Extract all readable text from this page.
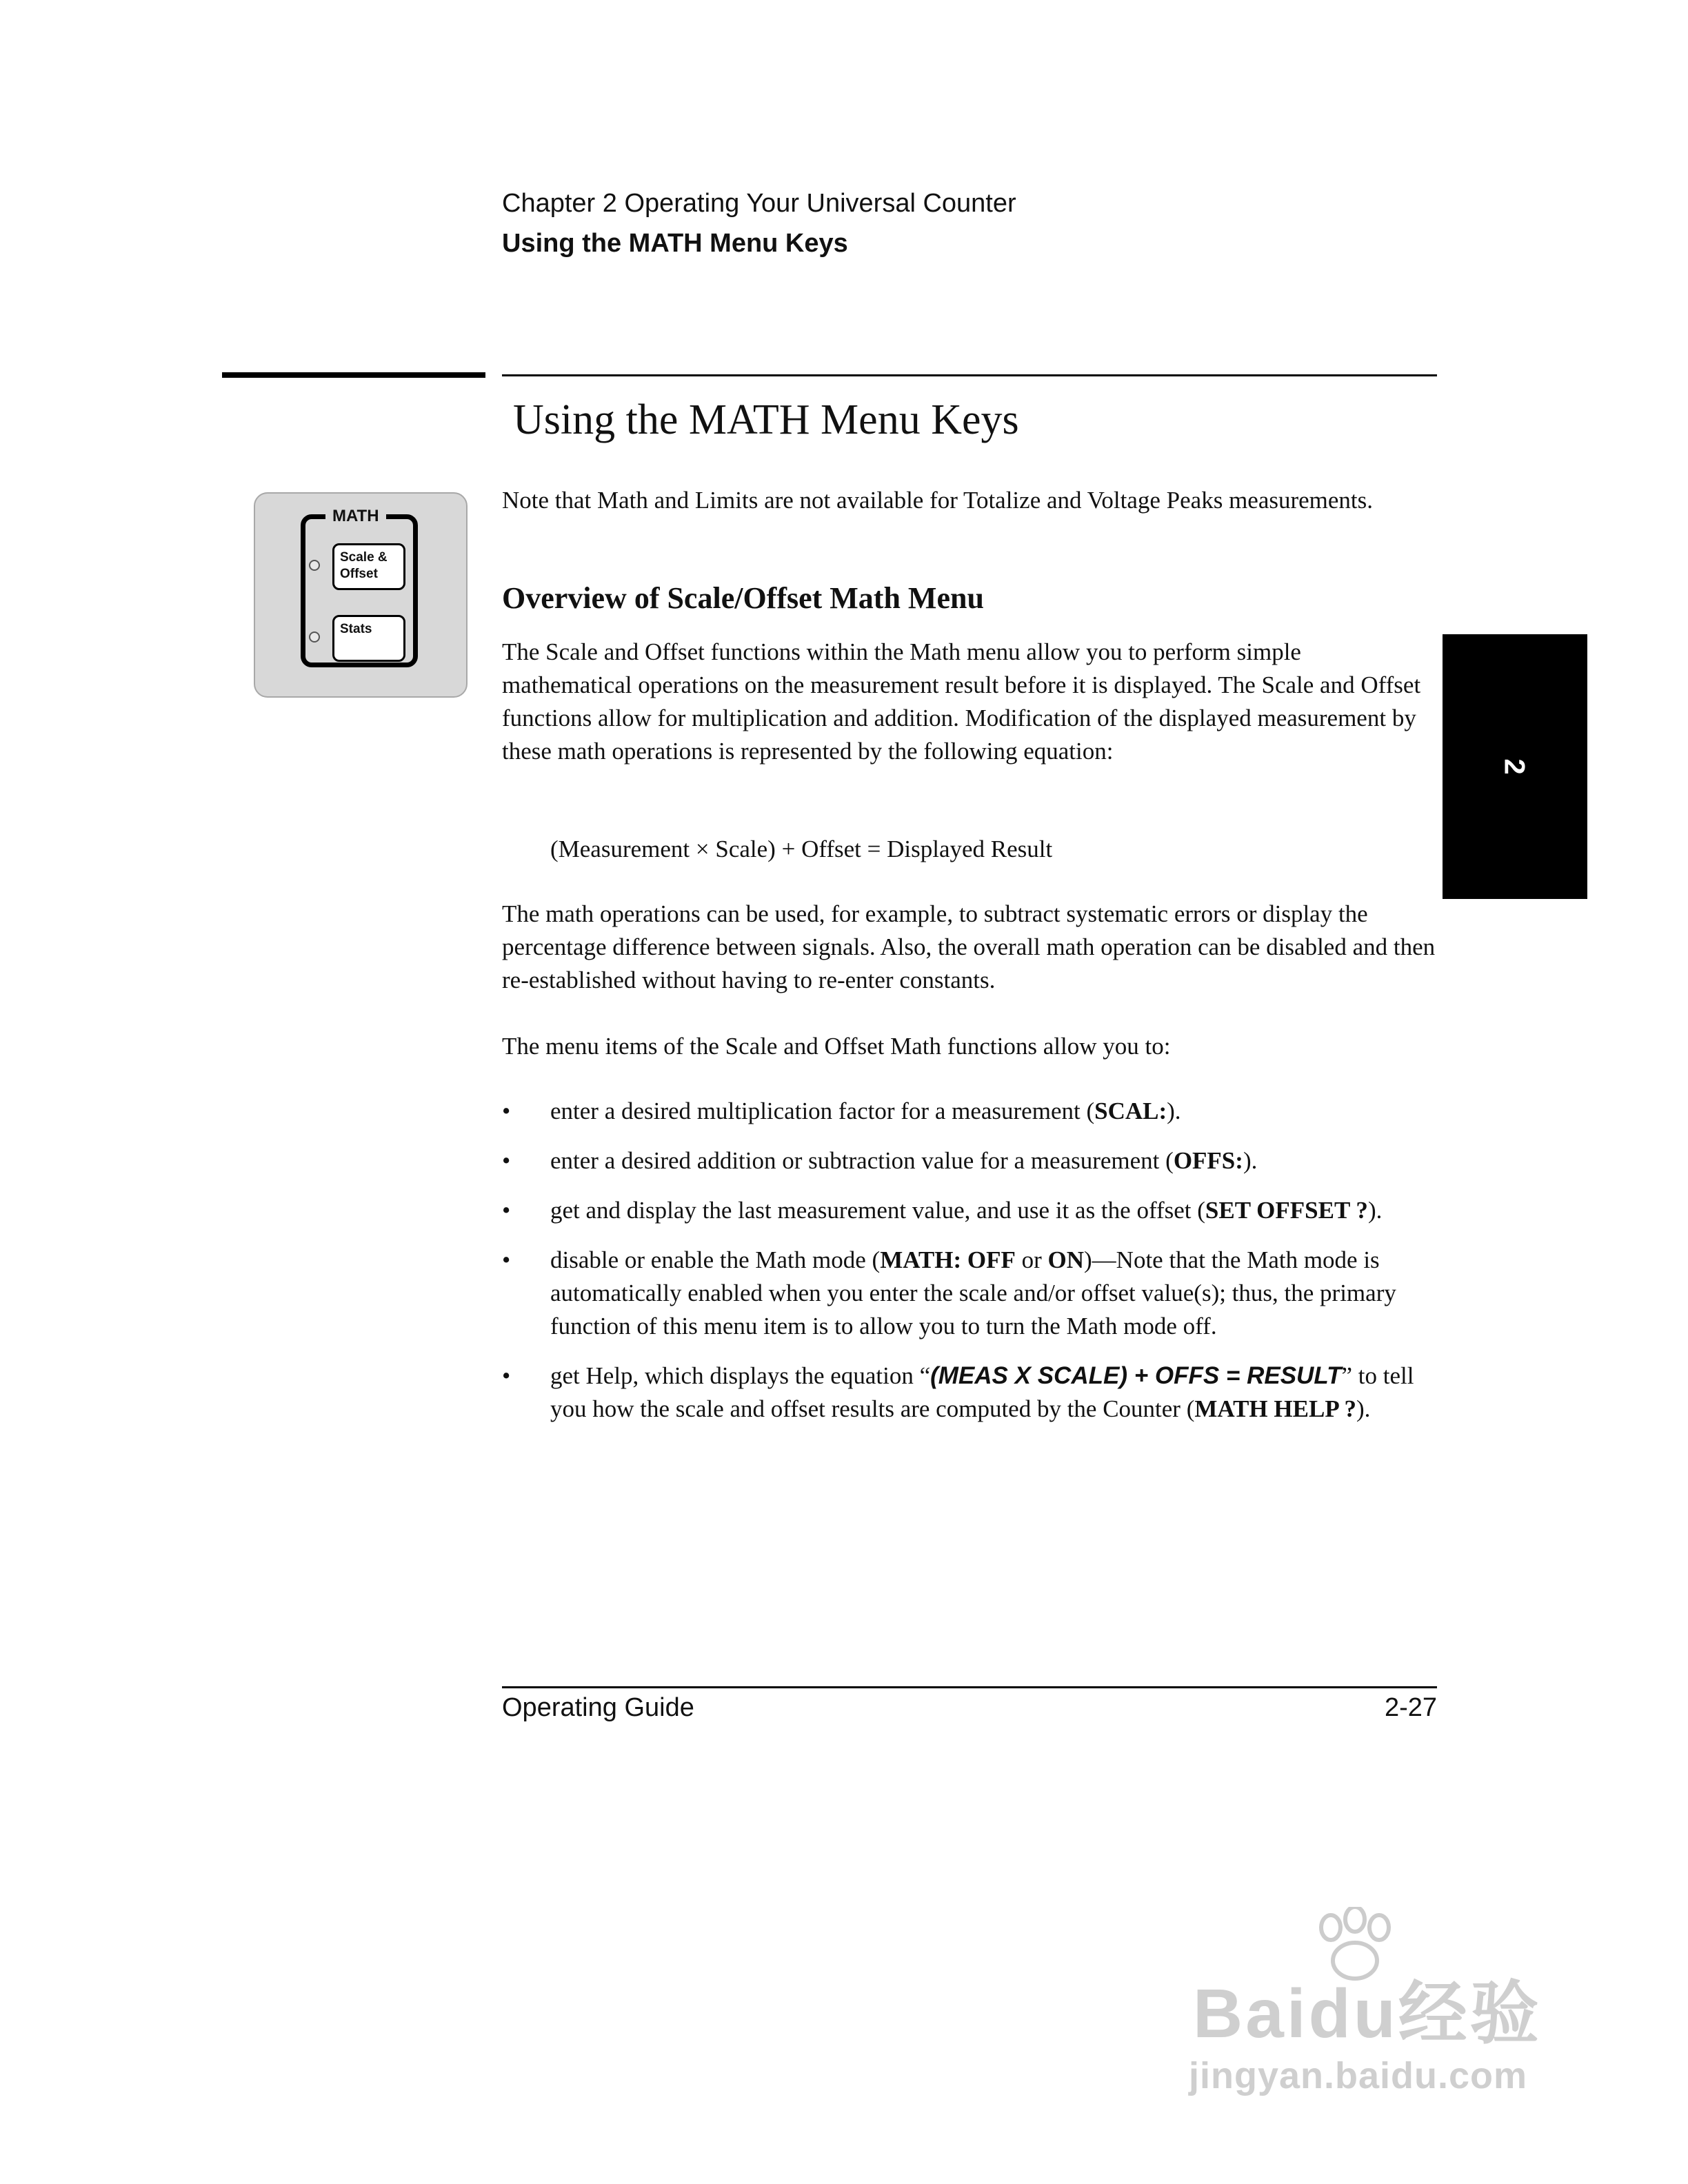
Chapter 2 Operating Your Universal Counter
Using the MATH Menu Keys
Using the MATH Menu Keys
MATH
Scale &
Offset
Stats
Note that Math and Limits are not available for Totalize and Voltage Peaks measurements.
Overview of Scale/Offset Math Menu
The Scale and Offset functions within the Math menu allow you to perform simple mathematical operations on the measurement result before it is displayed. The Scale and Offset functions allow for multiplication and addition. Modification of the displayed measurement by these math operations is represented by the following equation:
(Measurement × Scale) + Offset = Displayed Result
The math operations can be used, for example, to subtract systematic errors or display the percentage difference between signals. Also, the overall math operation can be disabled and then re-established without having to re-enter constants.
The menu items of the Scale and Offset Math functions allow you to:
• enter a desired multiplication factor for a measurement (SCAL:).
• enter a desired addition or subtraction value for a measurement (OFFS:).
• get and display the last measurement value, and use it as the offset (SET OFFSET ?).
• disable or enable the Math mode (MATH: OFF or ON)—Note that the Math mode is automatically enabled when you enter the scale and/or offset value(s); thus, the primary function of this menu item is to allow you to turn the Math mode off.
• get Help, which displays the equation “(MEAS X SCALE) + OFFS = RESULT” to tell you how the scale and offset results are computed by the Counter (MATH HELP ?).
2
Operating Guide	2-27
Baidu经验
jingyan.baidu.com
